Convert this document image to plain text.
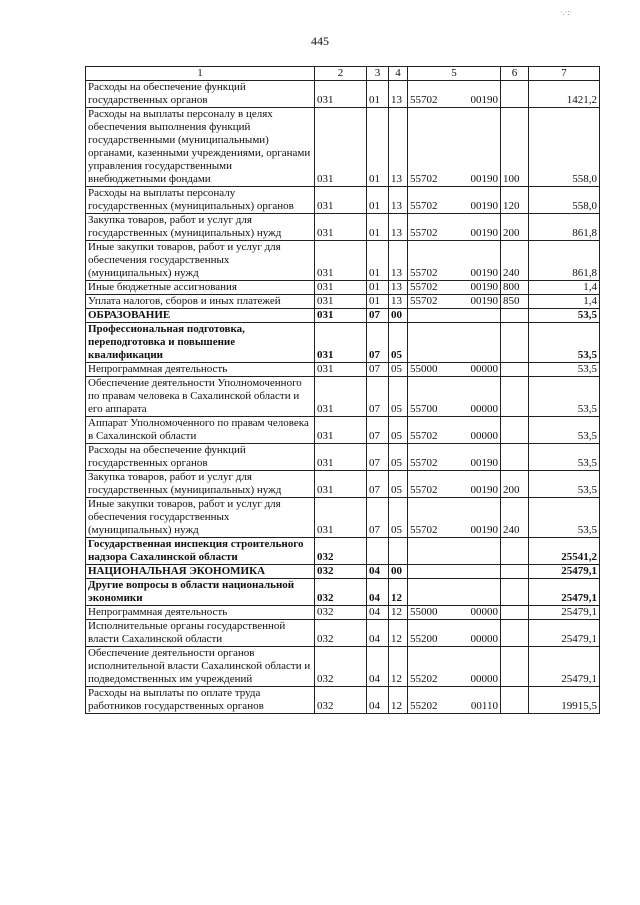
445
·.·:·
1	2	3	4	5	6	7
Расходы на обеспечение функций государственных органов	031	01	13	55702 00190		1421,2
Расходы на выплаты персоналу в целях обеспечения выполнения функций государственными (муниципальными) органами, казенными учреждениями, органами управления государственными внебюджетными фондами	031	01	13	55702 00190	100	558,0
Расходы на выплаты персоналу государственных (муниципальных) органов	031	01	13	55702 00190	120	558,0
Закупка товаров, работ и услуг для государственных (муниципальных) нужд	031	01	13	55702 00190	200	861,8
Иные закупки товаров, работ и услуг для обеспечения государственных (муниципальных) нужд	031	01	13	55702 00190	240	861,8
Иные бюджетные ассигнования	031	01	13	55702 00190	800	1,4
Уплата налогов, сборов и иных платежей	031	01	13	55702 00190	850	1,4
ОБРАЗОВАНИЕ	031	07	00			53,5
Профессиональная подготовка, переподготовка и повышение квалификации	031	07	05			53,5
Непрограммная деятельность	031	07	05	55000 00000		53,5
Обеспечение деятельности Уполномоченного по правам человека в Сахалинской области и его аппарата	031	07	05	55700 00000		53,5
Аппарат Уполномоченного по правам человека в Сахалинской области	031	07	05	55702 00000		53,5
Расходы на обеспечение функций государственных органов	031	07	05	55702 00190		53,5
Закупка товаров, работ и услуг для государственных (муниципальных) нужд	031	07	05	55702 00190	200	53,5
Иные закупки товаров, работ и услуг для обеспечения государственных (муниципальных) нужд	031	07	05	55702 00190	240	53,5
Государственная инспекция строительного надзора Сахалинской области	032					25541,2
НАЦИОНАЛЬНАЯ ЭКОНОМИКА	032	04	00			25479,1
Другие вопросы в области национальной экономики	032	04	12			25479,1
Непрограммная деятельность	032	04	12	55000 00000		25479,1
Исполнительные органы государственной власти Сахалинской области	032	04	12	55200 00000		25479,1
Обеспечение деятельности органов исполнительной власти Сахалинской области и подведомственных им учреждений	032	04	12	55202 00000		25479,1
Расходы на выплаты по оплате труда работников государственных органов	032	04	12	55202 00110		19915,5
